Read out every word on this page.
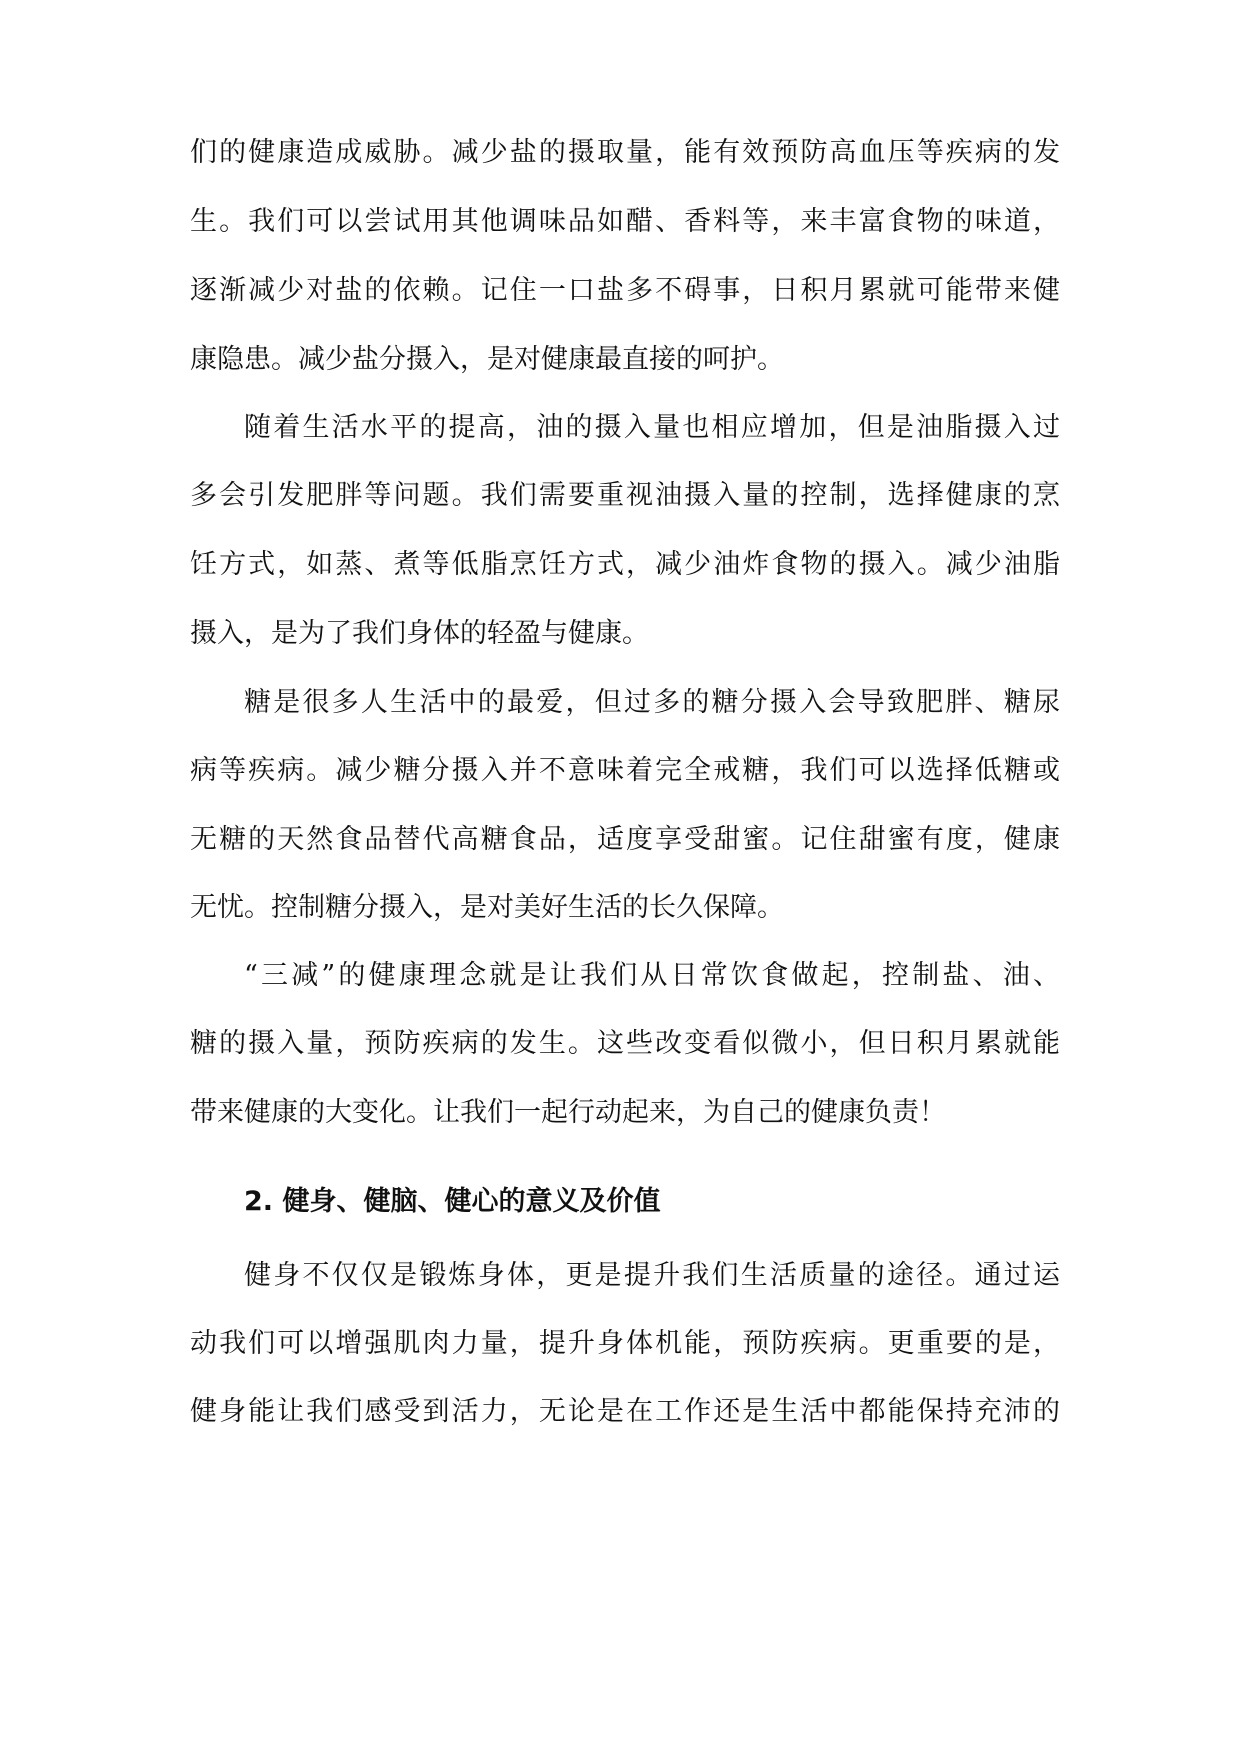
们的健康造成威胁。减少盐的摄取量，能有效预防高血压等疾病的发
生。我们可以尝试用其他调味品如醋、香料等，来丰富食物的味道，
逐渐减少对盐的依赖。记住一口盐多不碍事，日积月累就可能带来健
康隐患。减少盐分摄入，是对健康最直接的呵护。
随着生活水平的提高，油的摄入量也相应增加，但是油脂摄入过
多会引发肥胖等问题。我们需要重视油摄入量的控制，选择健康的烹
饪方式，如蒸、煮等低脂烹饪方式，减少油炸食物的摄入。减少油脂
摄入，是为了我们身体的轻盈与健康。
糖是很多人生活中的最爱，但过多的糖分摄入会导致肥胖、糖尿
病等疾病。减少糖分摄入并不意味着完全戒糖，我们可以选择低糖或
无糖的天然食品替代高糖食品，适度享受甜蜜。记住甜蜜有度，健康
无忧。控制糖分摄入，是对美好生活的长久保障。
“三减”的健康理念就是让我们从日常饮食做起，控制盐、油、
糖的摄入量，预防疾病的发生。这些改变看似微小，但日积月累就能
带来健康的大变化。让我们一起行动起来，为自己的健康负责！
2. 健身、健脑、健心的意义及价值
健身不仅仅是锻炼身体，更是提升我们生活质量的途径。通过运
动我们可以增强肌肉力量，提升身体机能，预防疾病。更重要的是，
健身能让我们感受到活力，无论是在工作还是生活中都能保持充沛的
